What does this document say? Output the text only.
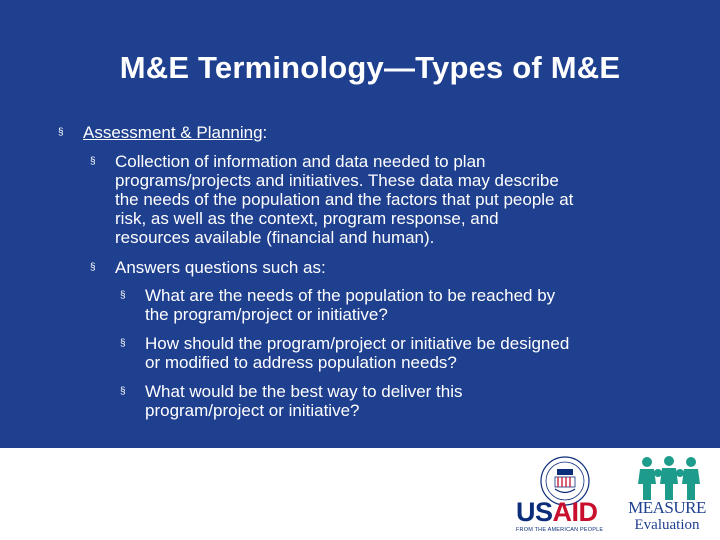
M&E Terminology—Types of M&E
§ Assessment & Planning:
§ Collection of information and data needed to plan
programs/projects and initiatives. These data may describe
the needs of the population and the factors that put people at
risk, as well as the context, program response, and
resources available (financial and human).
§ Answers questions such as:
§ What are the needs of the population to be reached by
the program/project or initiative?
§ How should the program/project or initiative be designed
or modified to address population needs?
§ What would be the best way to deliver this
program/project or initiative?
USAID
FROM THE AMERICAN PEOPLE
MEASURE
Evaluation
